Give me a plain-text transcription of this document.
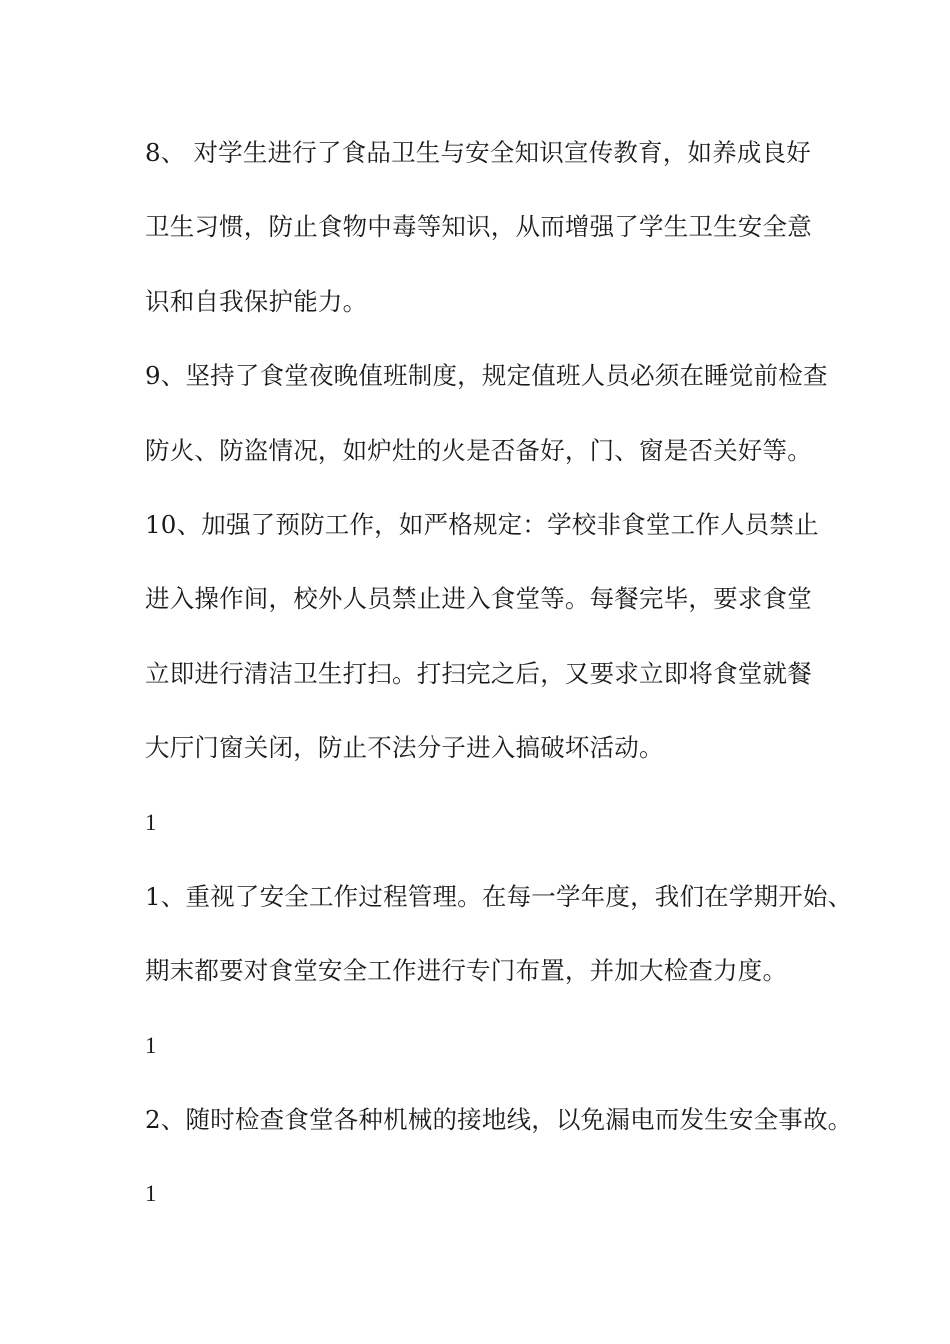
8、 对学生进行了食品卫生与安全知识宣传教育，如养成良好
卫生习惯，防止食物中毒等知识，从而增强了学生卫生安全意
识和自我保护能力。
9、坚持了食堂夜晚值班制度，规定值班人员必须在睡觉前检查
防火、防盗情况，如炉灶的火是否备好，门、窗是否关好等。
10、加强了预防工作，如严格规定：学校非食堂工作人员禁止
进入操作间，校外人员禁止进入食堂等。每餐完毕，要求食堂
立即进行清洁卫生打扫。打扫完之后，又要求立即将食堂就餐
大厅门窗关闭，防止不法分子进入搞破坏活动。
1
1、重视了安全工作过程管理。在每一学年度，我们在学期开始、
期末都要对食堂安全工作进行专门布置，并加大检查力度。
1
2、随时检查食堂各种机械的接地线，以免漏电而发生安全事故。
1
